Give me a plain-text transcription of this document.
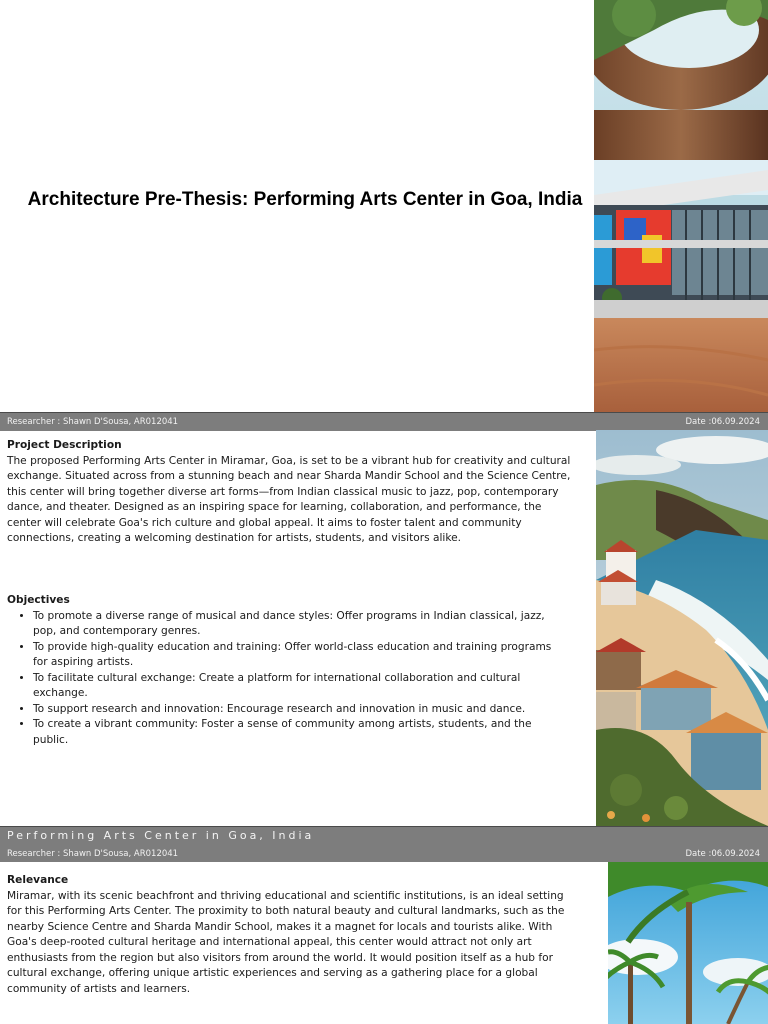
Architecture Pre-Thesis: Performing Arts Center in Goa, India
Researcher : Shawn D'Sousa, AR012041	Date :06.09.2024

Project Description

The proposed Performing Arts Center in Miramar, Goa, is set to be a vibrant hub for creativity and cultural exchange. Situated across from a stunning beach and near Sharda Mandir School and the Science Centre, this center will bring together diverse art forms—from Indian classical music to jazz, pop, contemporary dance, and theater. Designed as an inspiring space for learning, collaboration, and performance, the center will celebrate Goa's rich culture and global appeal. It aims to foster talent and community connections, creating a welcoming destination for artists, students, and visitors alike.

Objectives

• To promote a diverse range of musical and dance styles: Offer programs in Indian classical, jazz, pop, and contemporary genres.
• To provide high-quality education and training: Offer world-class education and training programs for aspiring artists.
• To facilitate cultural exchange: Create a platform for international collaboration and cultural exchange.
• To support research and innovation: Encourage research and innovation in music and dance.
• To create a vibrant community: Foster a sense of community among artists, students, and the public.
Performing Arts Center in Goa, India
Researcher : Shawn D'Sousa, AR012041	Date :06.09.2024

Relevance

Miramar, with its scenic beachfront and thriving educational and scientific institutions, is an ideal setting for this Performing Arts Center. The proximity to both natural beauty and cultural landmarks, such as the nearby Science Centre and Sharda Mandir School, makes it a magnet for locals and tourists alike. With Goa's deep-rooted cultural heritage and international appeal, this center would attract not only art enthusiasts from the region but also visitors from around the world. It would position itself as a hub for cultural exchange, offering unique artistic experiences and serving as a gathering place for a global community of artists and learners.
